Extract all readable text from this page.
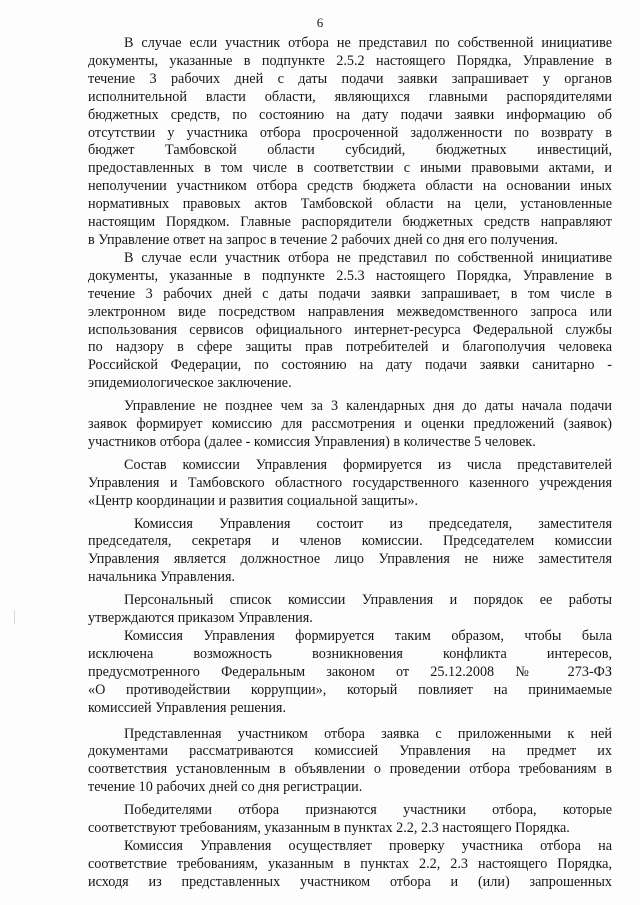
6

В случае если участник отбора не представил по собственной инициативе
документы, указанные в подпункте 2.5.2 настоящего Порядка, Управление в
течение 3 рабочих дней с даты подачи заявки запрашивает у органов
исполнительной власти области, являющихся главными распорядителями
бюджетных средств, по состоянию на дату подачи заявки информацию об
отсутствии у участника отбора просроченной задолженности по возврату в
бюджет Тамбовской области субсидий, бюджетных инвестиций,
предоставленных в том числе в соответствии с иными правовыми актами, и
неполучении участником отбора средств бюджета области на основании иных
нормативных правовых актов Тамбовской области на цели, установленные
настоящим Порядком. Главные распорядители бюджетных средств направляют
в Управление ответ на запрос в течение 2 рабочих дней со дня его получения.

В случае если участник отбора не представил по собственной инициативе
документы, указанные в подпункте 2.5.3 настоящего Порядка, Управление в
течение 3 рабочих дней с даты подачи заявки запрашивает, в том числе в
электронном виде посредством направления межведомственного запроса или
использования сервисов официального интернет-ресурса Федеральной службы
по надзору в сфере защиты прав потребителей и благополучия человека
Российской Федерации, по состоянию на дату подачи заявки санитарно -
эпидемиологическое заключение.

Управление не позднее чем за 3 календарных дня до даты начала подачи
заявок формирует комиссию для рассмотрения и оценки предложений (заявок)
участников отбора (далее - комиссия Управления) в количестве 5 человек.

Состав комиссии Управления формируется из числа представителей
Управления и Тамбовского областного государственного казенного учреждения
«Центр координации и развития социальной защиты».

Комиссия Управления состоит из председателя, заместителя
председателя, секретаря и членов комиссии. Председателем комиссии
Управления является должностное лицо Управления не ниже заместителя
начальника Управления.

Персональный список комиссии Управления и порядок ее работы
утверждаются приказом Управления.

Комиссия Управления формируется таким образом, чтобы была
исключена возможность возникновения конфликта интересов,
предусмотренного Федеральным законом от 25.12.2008 № 273-ФЗ
«О противодействии коррупции», который повлияет на принимаемые
комиссией Управления решения.

Представленная участником отбора заявка с приложенными к ней
документами рассматриваются комиссией Управления на предмет их
соответствия установленным в объявлении о проведении отбора требованиям в
течение 10 рабочих дней со дня регистрации.

Победителями отбора признаются участники отбора, которые
соответствуют требованиям, указанным в пунктах 2.2, 2.3 настоящего Порядка.

Комиссия Управления осуществляет проверку участника отбора на
соответствие требованиям, указанным в пунктах 2.2, 2.3 настоящего Порядка,
исходя из представленных участником отбора и (или) запрошенных
